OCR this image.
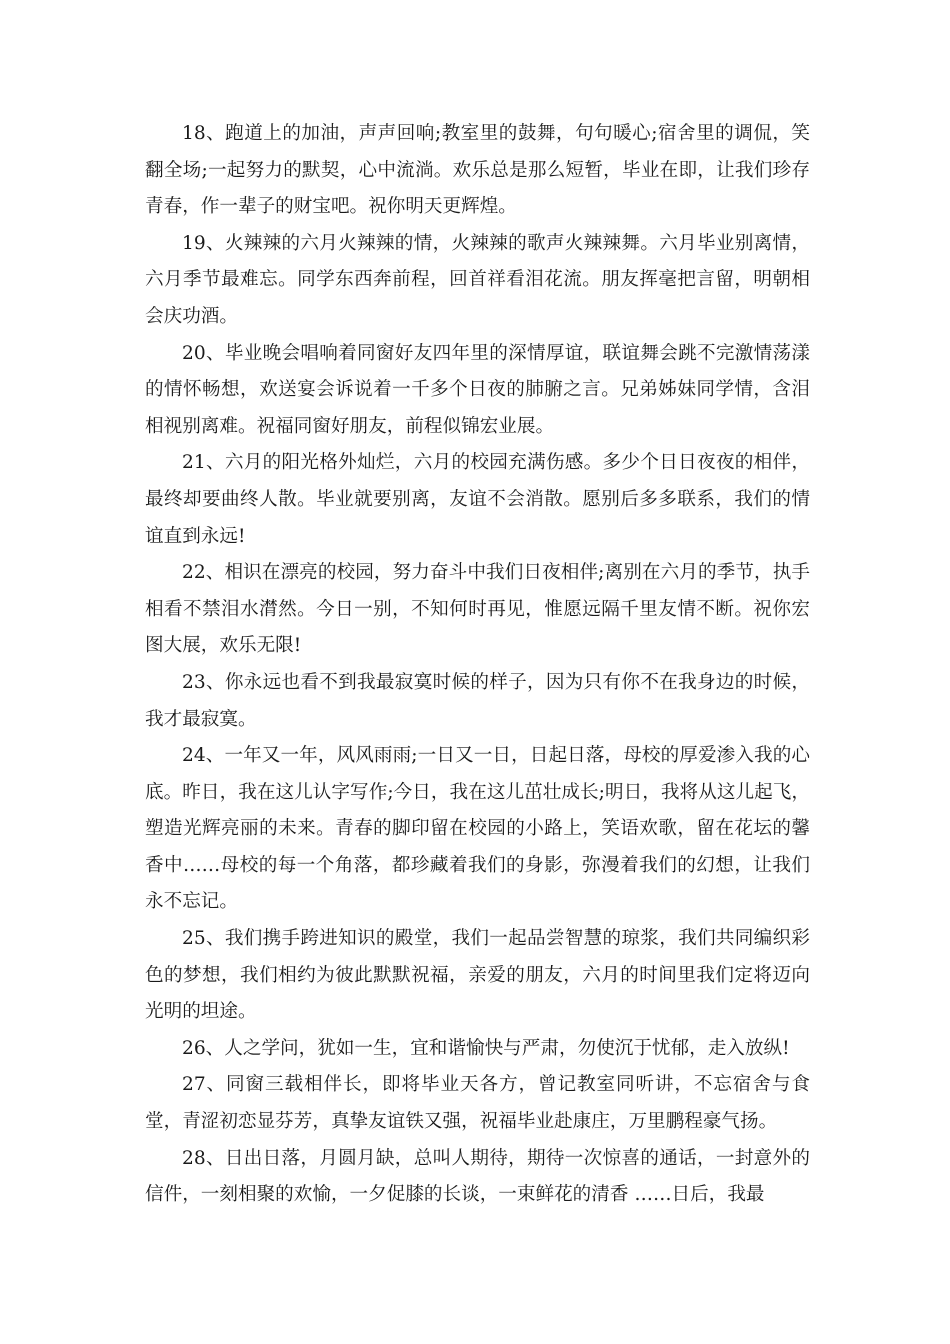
18、跑道上的加油，声声回响;教室里的鼓舞，句句暖心;宿舍里的调侃，笑翻全场;一起努力的默契，心中流淌。欢乐总是那么短暂，毕业在即，让我们珍存青春，作一辈子的财宝吧。祝你明天更辉煌。

19、火辣辣的六月火辣辣的情，火辣辣的歌声火辣辣舞。六月毕业别离情，六月季节最难忘。同学东西奔前程，回首祥看泪花流。朋友挥毫把言留，明朝相会庆功酒。

20、毕业晚会唱响着同窗好友四年里的深情厚谊，联谊舞会跳不完激情荡漾的情怀畅想，欢送宴会诉说着一千多个日夜的肺腑之言。兄弟姊妹同学情，含泪相视别离难。祝福同窗好朋友，前程似锦宏业展。

21、六月的阳光格外灿烂，六月的校园充满伤感。多少个日日夜夜的相伴，最终却要曲终人散。毕业就要别离，友谊不会消散。愿别后多多联系，我们的情谊直到永远!

22、相识在漂亮的校园，努力奋斗中我们日夜相伴;离别在六月的季节，执手相看不禁泪水潸然。今日一别，不知何时再见，惟愿远隔千里友情不断。祝你宏图大展，欢乐无限!

23、你永远也看不到我最寂寞时候的样子，因为只有你不在我身边的时候，我才最寂寞。

24、一年又一年，风风雨雨;一日又一日，日起日落，母校的厚爱渗入我的心底。昨日，我在这儿认字写作;今日，我在这儿茁壮成长;明日，我将从这儿起飞，塑造光辉亮丽的未来。青春的脚印留在校园的小路上，笑语欢歌，留在花坛的馨香中……母校的每一个角落，都珍藏着我们的身影，弥漫着我们的幻想，让我们永不忘记。

25、我们携手跨进知识的殿堂，我们一起品尝智慧的琼浆，我们共同编织彩色的梦想，我们相约为彼此默默祝福，亲爱的朋友，六月的时间里我们定将迈向光明的坦途。

26、人之学问，犹如一生，宜和谐愉快与严肃，勿使沉于忧郁，走入放纵!

27、同窗三载相伴长，即将毕业天各方，曾记教室同听讲，不忘宿舍与食堂，青涩初恋显芬芳，真挚友谊铁又强，祝福毕业赴康庄，万里鹏程豪气扬。

28、日出日落，月圆月缺，总叫人期待，期待一次惊喜的通话，一封意外的信件，一刻相聚的欢愉，一夕促膝的长谈，一束鲜花的清香 ……日后，我最
